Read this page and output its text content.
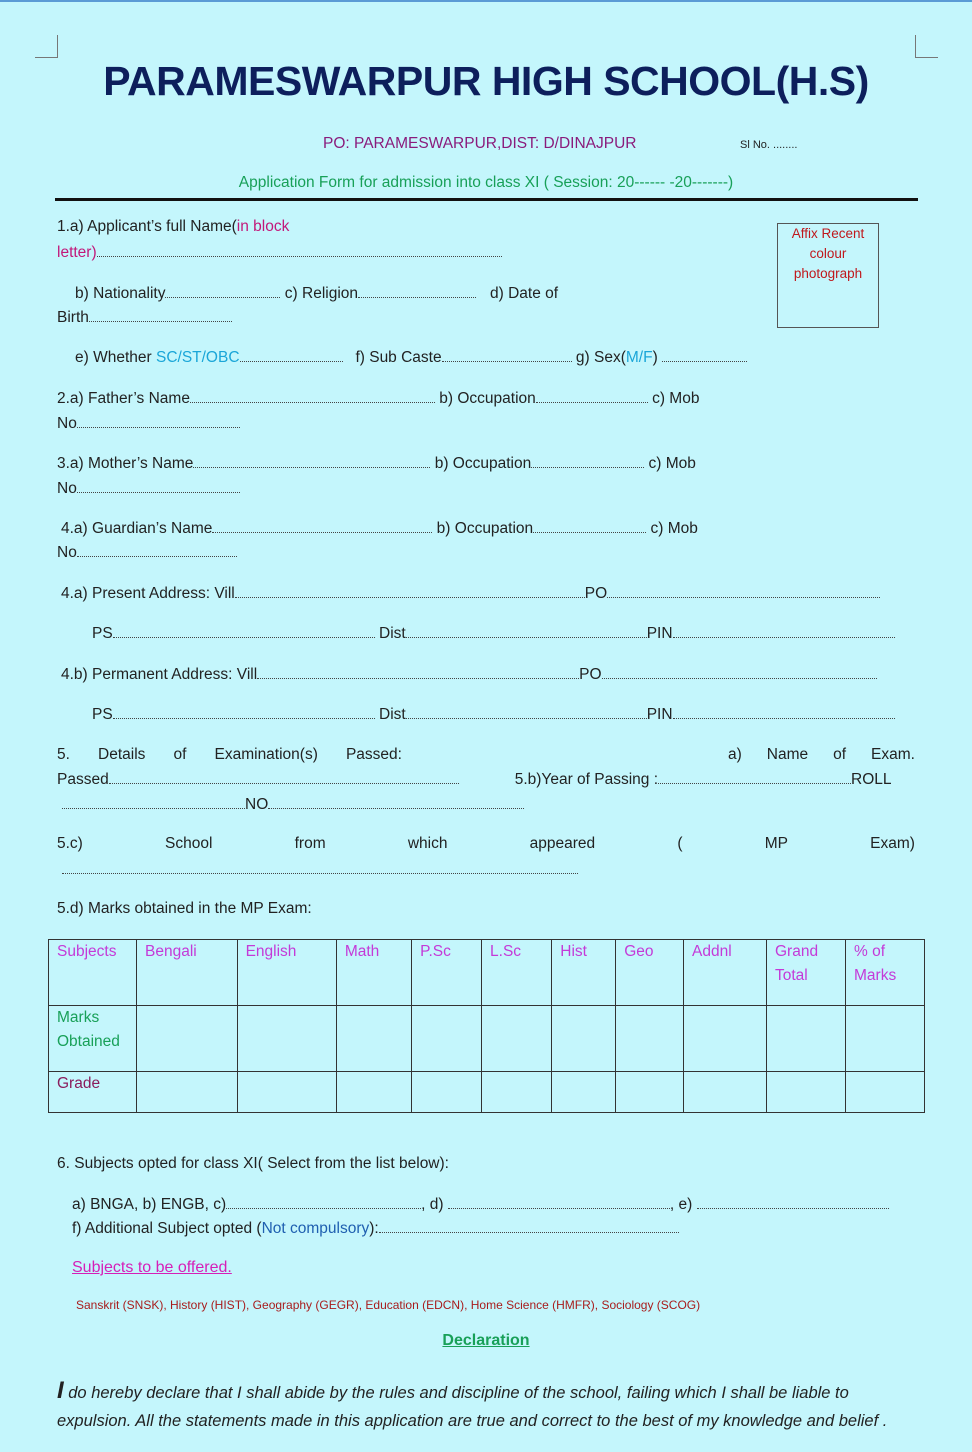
PARAMESWARPUR HIGH SCHOOL(H.S)
PO: PARAMESWARPUR,DIST: D/DINAJPUR	Sl No. ........
Application Form for admission into class XI ( Session: 20------ -20-------)
Affix Recent
colour
photograph
1.a) Applicant’s full Name(in block
letter)
b) Nationality	c) Religion	d) Date of
Birth
e) Whether SC/ST/OBC	f) Sub Caste	g) Sex(M/F)
2.a) Father’s Name	b) Occupation	c) Mob
No
3.a) Mother’s Name	b) Occupation	c) Mob
No
4.a) Guardian’s Name	b) Occupation	c) Mob
No
4.a) Present Address: Vill	PO
PS	Dist	PIN
4.b) Permanent Address: Vill	PO
PS	Dist	PIN
5. Details of Examination(s) Passed:	a) Name of Exam.
Passed	5.b)Year of Passing :	ROLL
NO
5.c)	School	from	which	appeared	(	MP	Exam)
5.d) Marks obtained in the MP Exam:
Subjects	Bengali	English	Math	P.Sc	L.Sc	Hist	Geo	Addnl	Grand Total	% of Marks
Marks Obtained										
Grade										
6. Subjects opted for class XI( Select from the list below):
a) BNGA, b) ENGB, c)	, d)	, e)
f) Additional Subject opted (Not compulsory):
Subjects to be offered.
Sanskrit (SNSK), History (HIST), Geography (GEGR), Education (EDCN), Home Science (HMFR), Sociology (SCOG)
Declaration
I do hereby declare that I shall abide by the rules and discipline of the school, failing which I shall be liable to expulsion. All the statements made in this application are true and correct to the best of my knowledge and belief .
